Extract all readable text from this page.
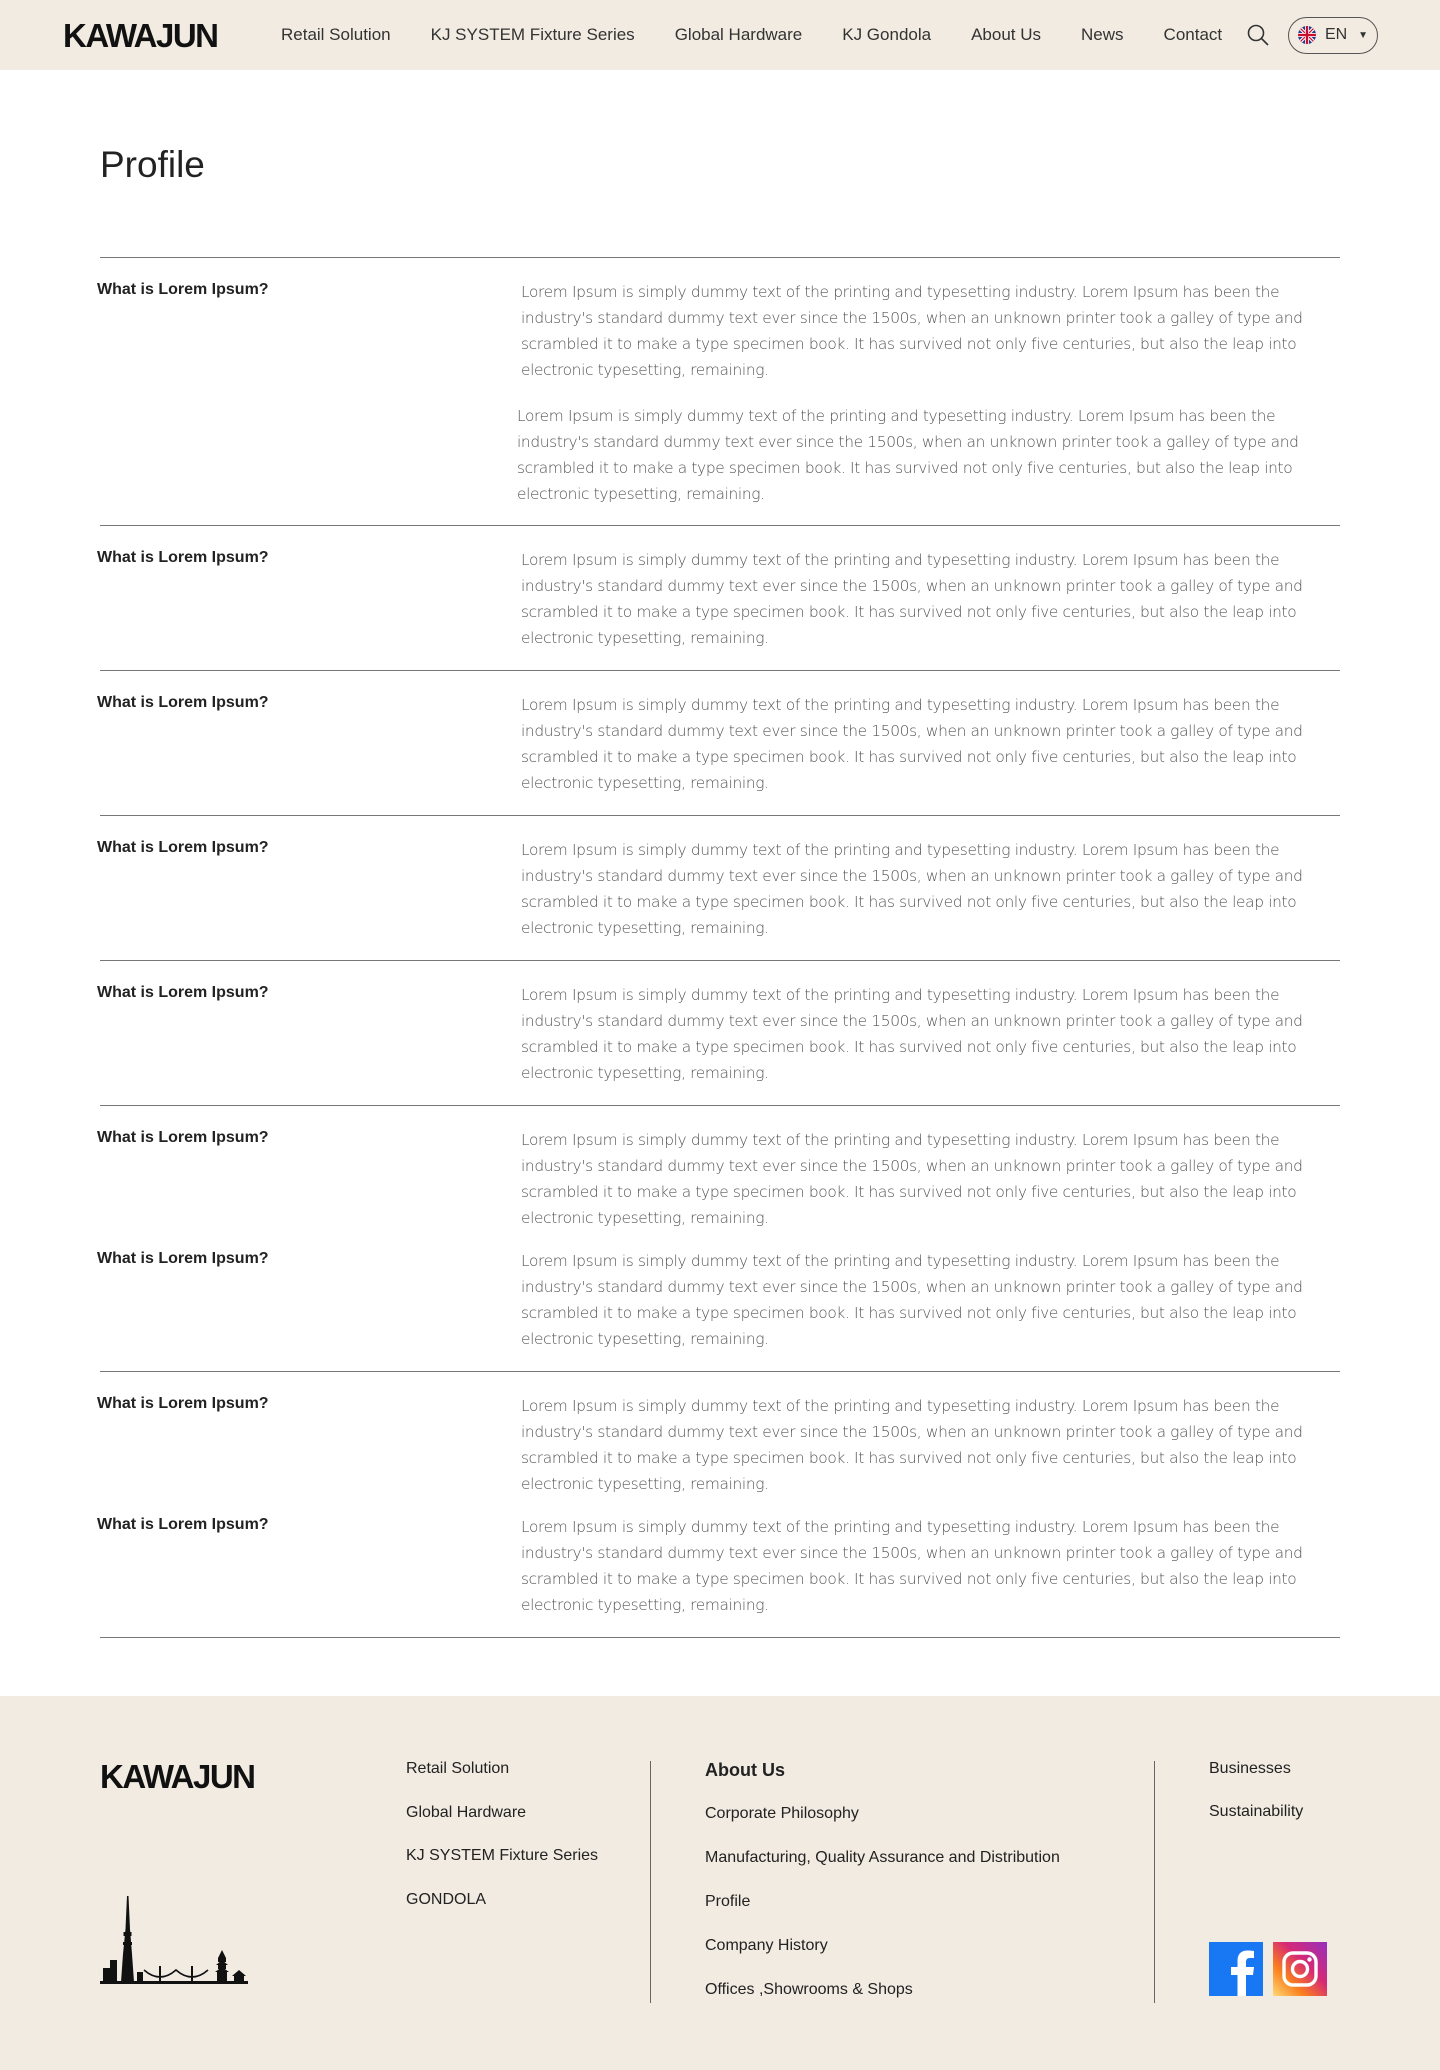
KAWAJUN	Retail Solution KJ SYSTEM Fixture Series Global Hardware KJ Gondola About Us News Contact	EN ▼
Profile
What is Lorem Ipsum?	Lorem Ipsum is simply dummy text of the printing and typesetting industry. Lorem Ipsum has been the industry's standard dummy text ever since the 1500s, when an unknown printer took a galley of type and scrambled it to make a type specimen book. It has survived not only five centuries, but also the leap into electronic typesetting, remaining.

Lorem Ipsum is simply dummy text of the printing and typesetting industry. Lorem Ipsum has been the industry's standard dummy text ever since the 1500s, when an unknown printer took a galley of type and scrambled it to make a type specimen book. It has survived not only five centuries, but also the leap into electronic typesetting, remaining.

What is Lorem Ipsum?	Lorem Ipsum is simply dummy text of the printing and typesetting industry. Lorem Ipsum has been the industry's standard dummy text ever since the 1500s, when an unknown printer took a galley of type and scrambled it to make a type specimen book. It has survived not only five centuries, but also the leap into electronic typesetting, remaining.

What is Lorem Ipsum?	Lorem Ipsum is simply dummy text of the printing and typesetting industry. Lorem Ipsum has been the industry's standard dummy text ever since the 1500s, when an unknown printer took a galley of type and scrambled it to make a type specimen book. It has survived not only five centuries, but also the leap into electronic typesetting, remaining.

What is Lorem Ipsum?	Lorem Ipsum is simply dummy text of the printing and typesetting industry. Lorem Ipsum has been the industry's standard dummy text ever since the 1500s, when an unknown printer took a galley of type and scrambled it to make a type specimen book. It has survived not only five centuries, but also the leap into electronic typesetting, remaining.

What is Lorem Ipsum?	Lorem Ipsum is simply dummy text of the printing and typesetting industry. Lorem Ipsum has been the industry's standard dummy text ever since the 1500s, when an unknown printer took a galley of type and scrambled it to make a type specimen book. It has survived not only five centuries, but also the leap into electronic typesetting, remaining.

What is Lorem Ipsum?	Lorem Ipsum is simply dummy text of the printing and typesetting industry. Lorem Ipsum has been the industry's standard dummy text ever since the 1500s, when an unknown printer took a galley of type and scrambled it to make a type specimen book. It has survived not only five centuries, but also the leap into electronic typesetting, remaining.

What is Lorem Ipsum?	Lorem Ipsum is simply dummy text of the printing and typesetting industry. Lorem Ipsum has been the industry's standard dummy text ever since the 1500s, when an unknown printer took a galley of type and scrambled it to make a type specimen book. It has survived not only five centuries, but also the leap into electronic typesetting, remaining.

What is Lorem Ipsum?	Lorem Ipsum is simply dummy text of the printing and typesetting industry. Lorem Ipsum has been the industry's standard dummy text ever since the 1500s, when an unknown printer took a galley of type and scrambled it to make a type specimen book. It has survived not only five centuries, but also the leap into electronic typesetting, remaining.

What is Lorem Ipsum?	Lorem Ipsum is simply dummy text of the printing and typesetting industry. Lorem Ipsum has been the industry's standard dummy text ever since the 1500s, when an unknown printer took a galley of type and scrambled it to make a type specimen book. It has survived not only five centuries, but also the leap into electronic typesetting, remaining.

KAWAJUN	Retail Solution
Global Hardware
KJ SYSTEM Fixture Series
GONDOLA
About Us
Corporate Philosophy
Manufacturing, Quality Assurance and Distribution
Profile
Company History
Offices ,Showrooms & Shops
Businesses
Sustainability
